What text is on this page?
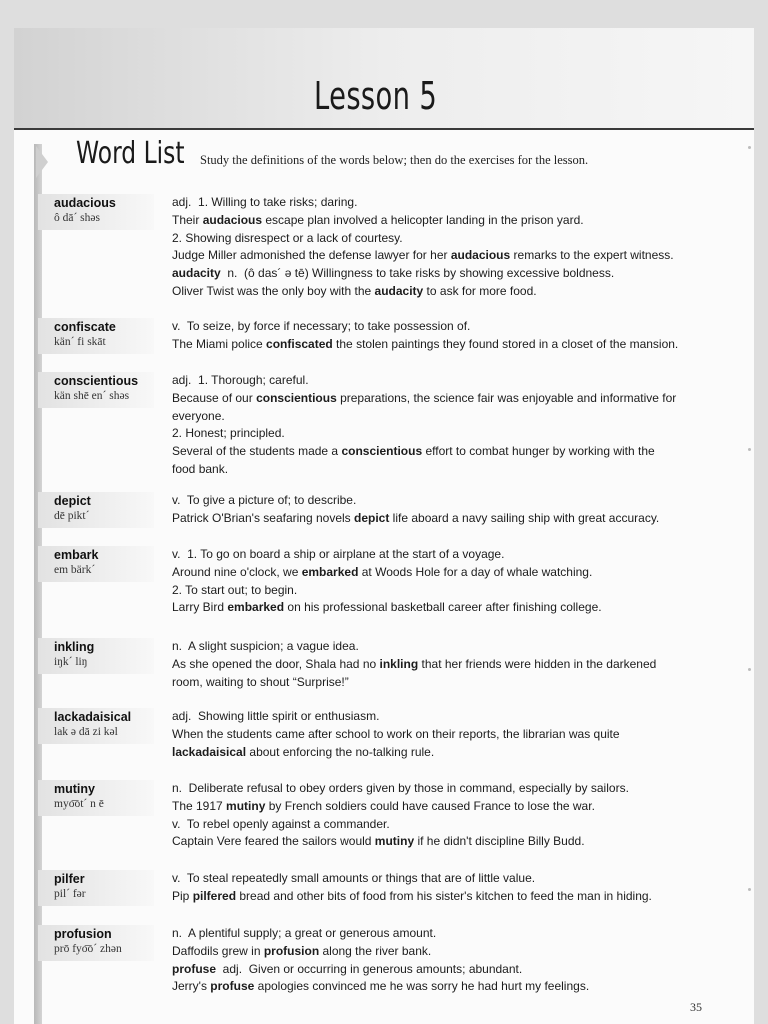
Lesson 5
Word List Study the definitions of the words below; then do the exercises for the lesson.
audacious
ô dā´ shəs
adj.  1. Willing to take risks; daring.
Their audacious escape plan involved a helicopter landing in the prison yard.
2. Showing disrespect or a lack of courtesy.
Judge Miller admonished the defense lawyer for her audacious remarks to the expert witness.
audacity  n.  (ô das´ ə tē) Willingness to take risks by showing excessive boldness.
Oliver Twist was the only boy with the audacity to ask for more food.
confiscate
kän´ fi skāt
v.  To seize, by force if necessary; to take possession of.
The Miami police confiscated the stolen paintings they found stored in a closet of the mansion.
conscientious
kän shē en´ shəs
adj.  1. Thorough; careful.
Because of our conscientious preparations, the science fair was enjoyable and informative for
everyone.
2. Honest; principled.
Several of the students made a conscientious effort to combat hunger by working with the
food bank.
depict
dē pikt´
v.  To give a picture of; to describe.
Patrick O'Brian's seafaring novels depict life aboard a navy sailing ship with great accuracy.
embark
em bärk´
v.  1. To go on board a ship or airplane at the start of a voyage.
Around nine o'clock, we embarked at Woods Hole for a day of whale watching.
2. To start out; to begin.
Larry Bird embarked on his professional basketball career after finishing college.
inkling
iŋk´ liŋ
n.  A slight suspicion; a vague idea.
As she opened the door, Shala had no inkling that her friends were hidden in the darkened
room, waiting to shout “Surprise!”
lackadaisical
lak ə dā zi kəl
adj.  Showing little spirit or enthusiasm.
When the students came after school to work on their reports, the librarian was quite
lackadaisical about enforcing the no-talking rule.
mutiny
myo͞ot´ n ē
n.  Deliberate refusal to obey orders given by those in command, especially by sailors.
The 1917 mutiny by French soldiers could have caused France to lose the war.
v.  To rebel openly against a commander.
Captain Vere feared the sailors would mutiny if he didn't discipline Billy Budd.
pilfer
pil´ fər
v.  To steal repeatedly small amounts or things that are of little value.
Pip pilfered bread and other bits of food from his sister's kitchen to feed the man in hiding.
profusion
prō fyo͞o´ zhən
n.  A plentiful supply; a great or generous amount.
Daffodils grew in profusion along the river bank.
profuse  adj.  Given or occurring in generous amounts; abundant.
Jerry's profuse apologies convinced me he was sorry he had hurt my feelings.
35
